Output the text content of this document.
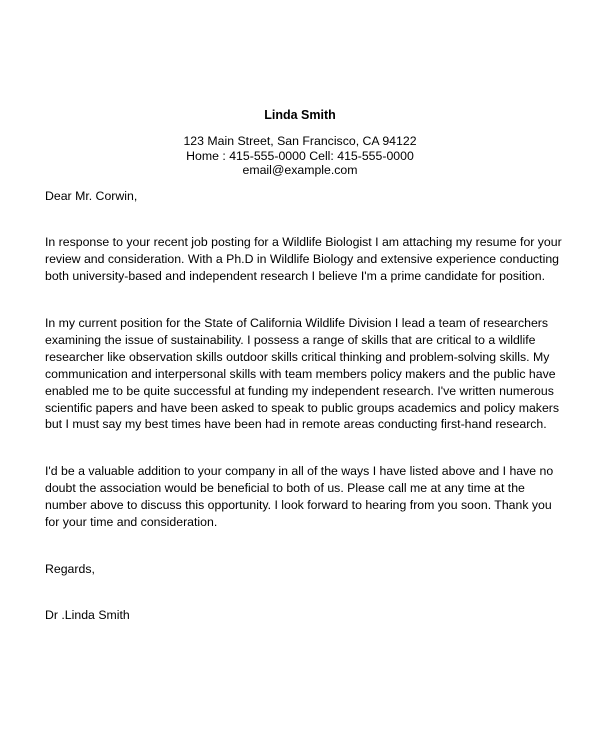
Linda Smith
123 Main Street, San Francisco, CA 94122
Home : 415-555-0000 Cell: 415-555-0000
email@example.com
Dear Mr. Corwin,

In response to your recent job posting for a Wildlife Biologist I am attaching my resume for your review and consideration. With a Ph.D in Wildlife Biology and extensive experience conducting both university-based and independent research I believe I'm a prime candidate for position.

In my current position for the State of California Wildlife Division I lead a team of researchers examining the issue of sustainability. I possess a range of skills that are critical to a wildlife researcher like observation skills outdoor skills critical thinking and problem-solving skills. My communication and interpersonal skills with team members policy makers and the public have enabled me to be quite successful at funding my independent research. I've written numerous scientific papers and have been asked to speak to public groups academics and policy makers but I must say my best times have been had in remote areas conducting first-hand research.

I'd be a valuable addition to your company in all of the ways I have listed above and I have no doubt the association would be beneficial to both of us. Please call me at any time at the number above to discuss this opportunity. I look forward to hearing from you soon. Thank you for your time and consideration.

Regards,
Dr .Linda Smith
